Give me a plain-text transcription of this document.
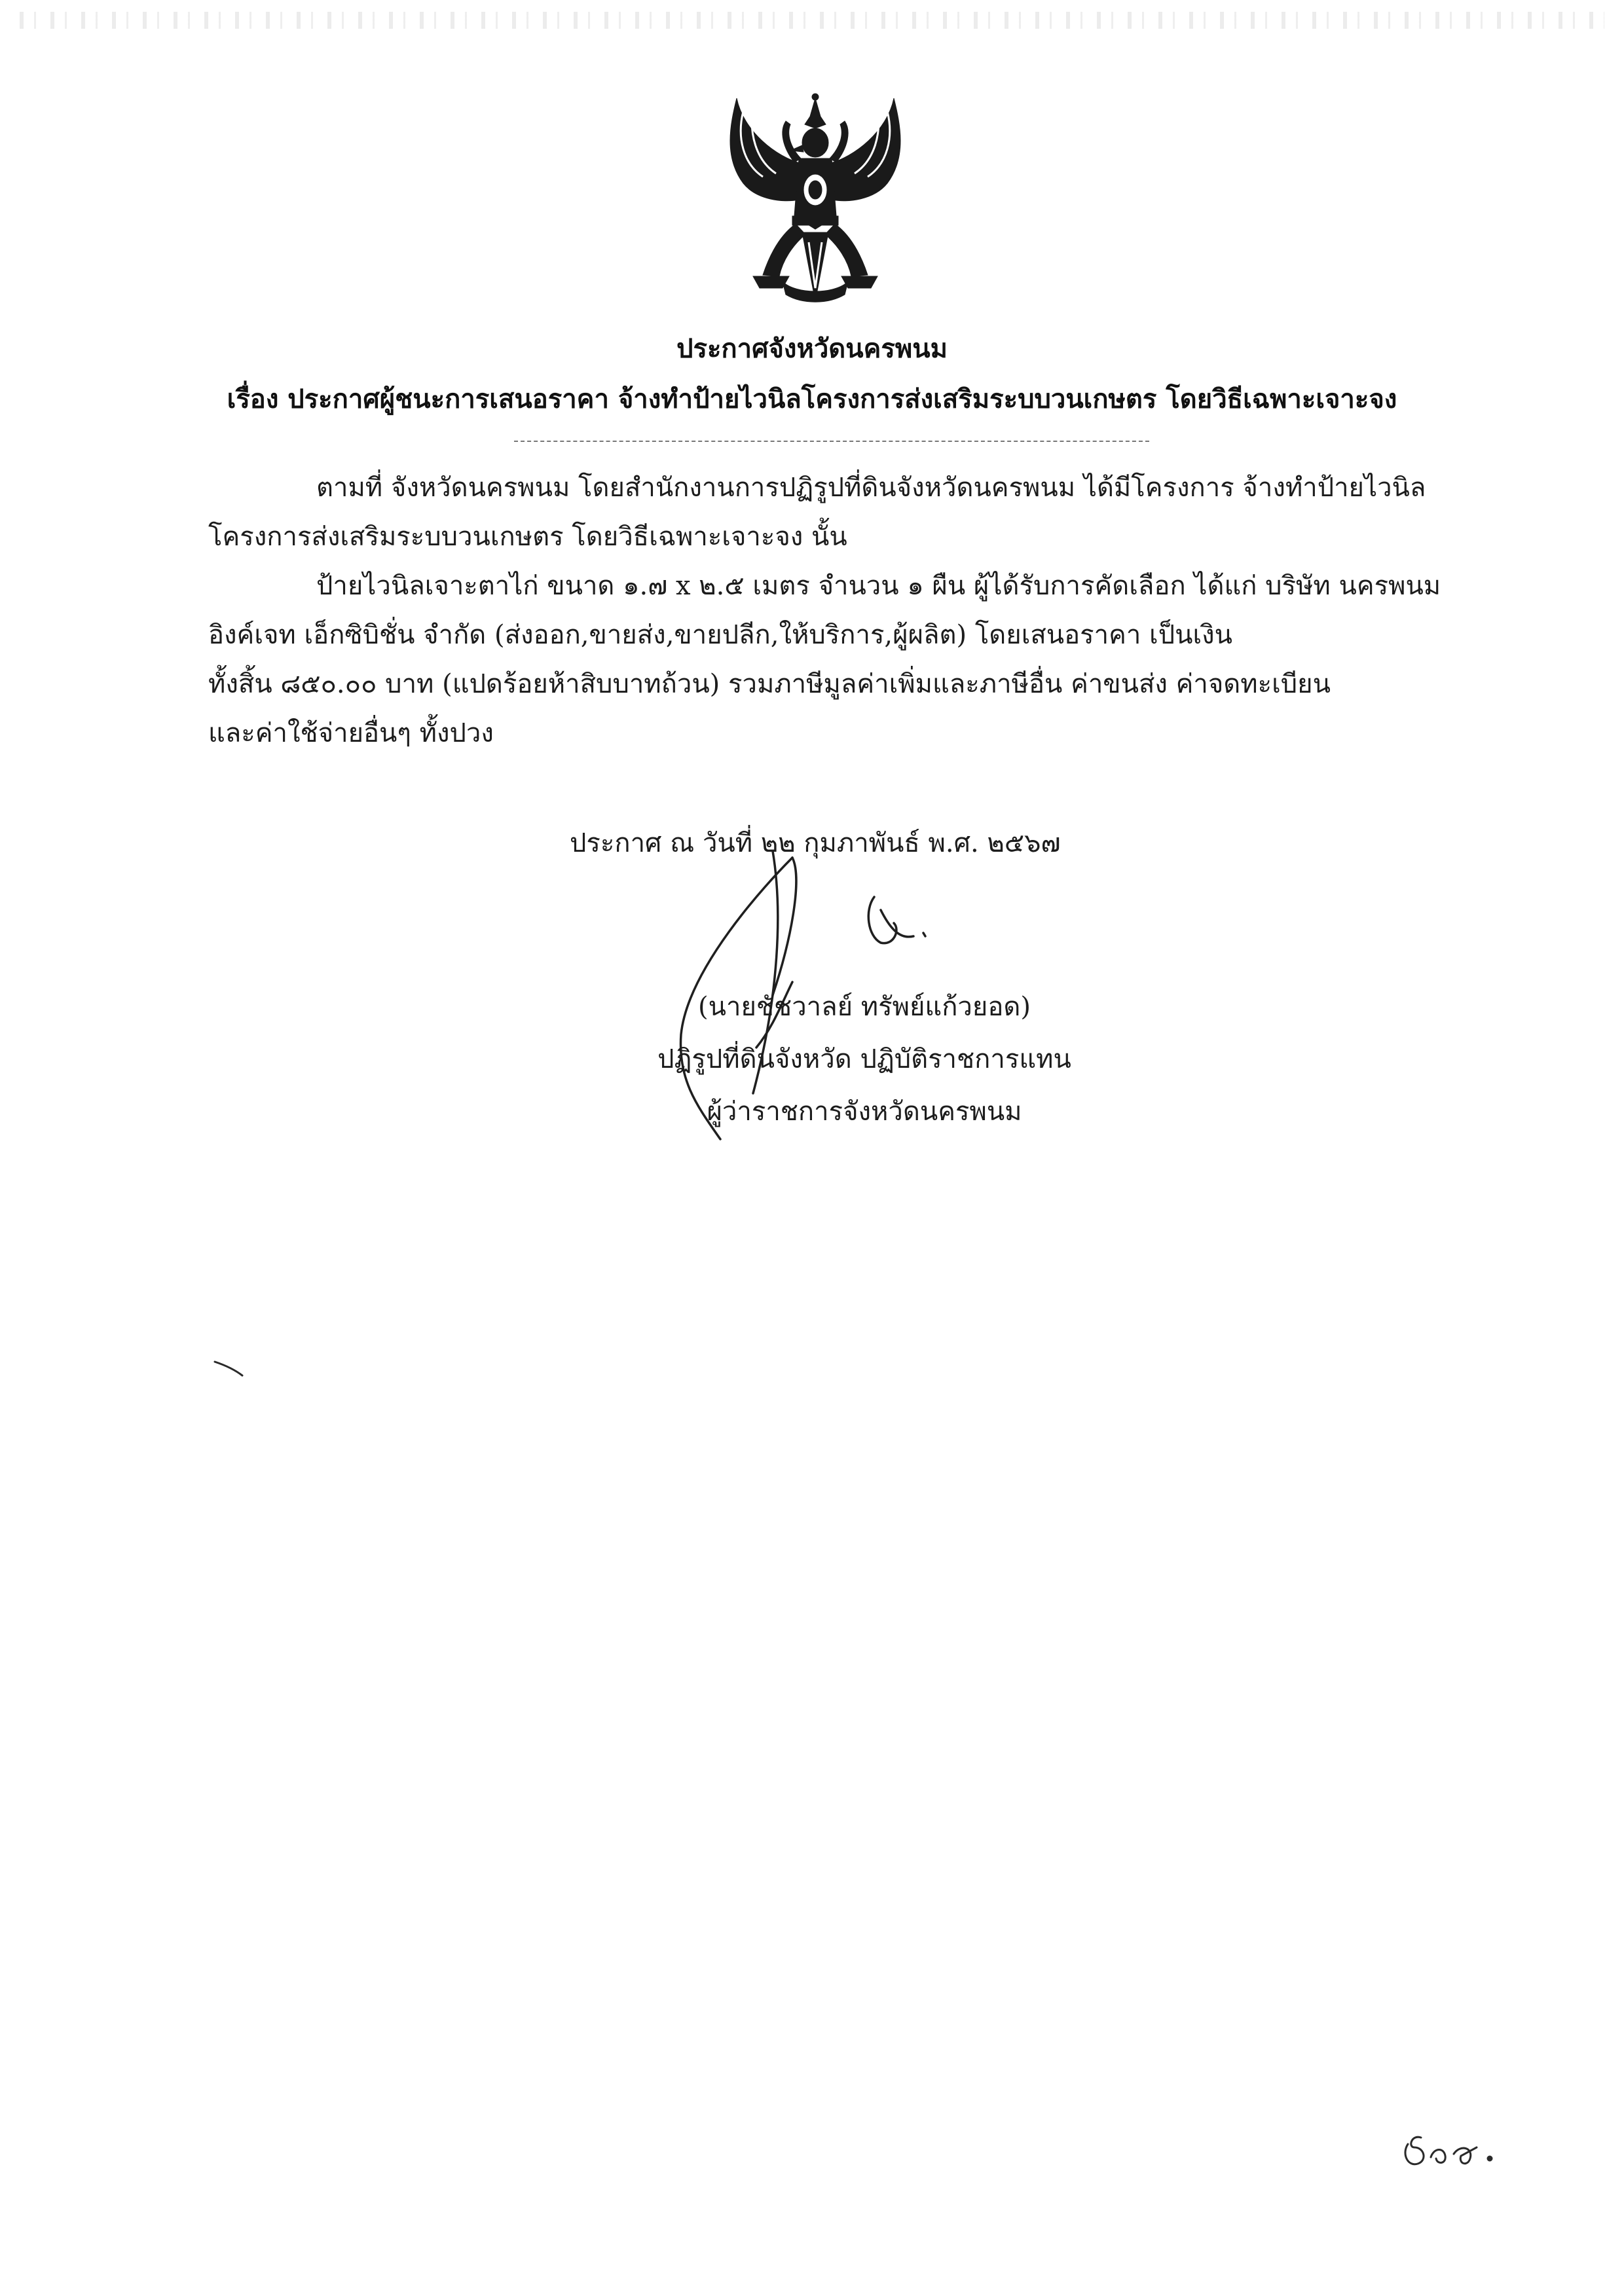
ประกาศจังหวัดนครพนม
เรื่อง ประกาศผู้ชนะการเสนอราคา จ้างทำป้ายไวนิลโครงการส่งเสริมระบบวนเกษตร โดยวิธีเฉพาะเจาะจง
ตามที่ จังหวัดนครพนม โดยสำนักงานการปฏิรูปที่ดินจังหวัดนครพนม ได้มีโครงการ จ้างทำป้ายไวนิล
โครงการส่งเสริมระบบวนเกษตร โดยวิธีเฉพาะเจาะจง นั้น
ป้ายไวนิลเจาะตาไก่ ขนาด ๑.๗ x ๒.๕ เมตร จำนวน ๑ ผืน ผู้ได้รับการคัดเลือก ได้แก่ บริษัท นครพนม
อิงค์เจท เอ็กซิบิชั่น จำกัด (ส่งออก,ขายส่ง,ขายปลีก,ให้บริการ,ผู้ผลิต) โดยเสนอราคา เป็นเงิน
ทั้งสิ้น ๘๕๐.๐๐ บาท (แปดร้อยห้าสิบบาทถ้วน) รวมภาษีมูลค่าเพิ่มและภาษีอื่น ค่าขนส่ง ค่าจดทะเบียน
และค่าใช้จ่ายอื่นๆ ทั้งปวง
ประกาศ ณ วันที่ ๒๒ กุมภาพันธ์ พ.ศ. ๒๕๖๗
(นายชัชวาลย์ ทรัพย์แก้วยอด)
ปฏิรูปที่ดินจังหวัด ปฏิบัติราชการแทน
ผู้ว่าราชการจังหวัดนครพนม
